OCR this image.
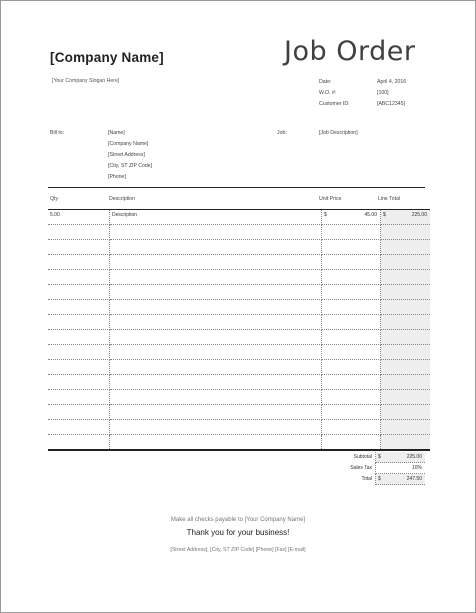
[Company Name]
[Your Company Slogan Here]
Job Order
Date:	April 4, 2016
W.O. #:	[100]
Customer ID:	[ABC12345]
Bill to:	[Name]
[Company Name]
[Street Address]
[City, ST ZIP Code]
[Phone]
Job:	[Job Description]
Qty	Description	Unit Price	Line Total
5.00	Description	$ 45.00	$ 225.00

Subtotal	$	225.00
Sales Tax	10%
Total	$	247.50
Make all checks payable to [Your Company Name]
Thank you for your business!
[Street Address], [City, ST ZIP Code] [Phone] [Fax] [E-mail]
